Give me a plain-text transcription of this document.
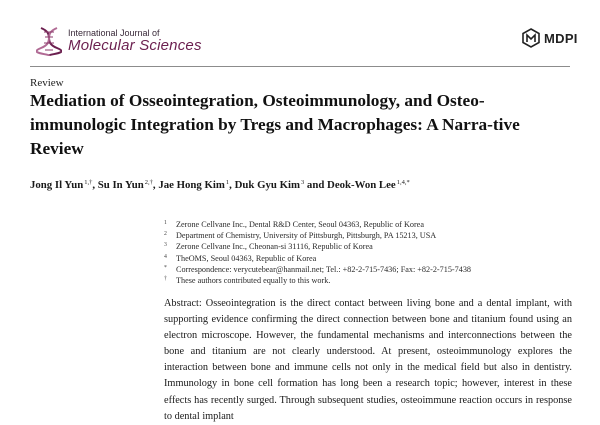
International Journal of
Molecular Sciences	MDPI
Review
Mediation of Osseointegration, Osteoimmunology, and Osteo-immunologic Integration by Tregs and Macrophages: A Narra-tive Review
Jong Il Yun$^{1,\dagger}$, Su In Yun$^{2,\dagger}$, Jae Hong Kim$^1$, Duk Gyu Kim$^3$ and Deok-Won Lee$^{1,4,*}$
1 Zerone Cellvane Inc., Dental R&D Center, Seoul 04363, Republic of Korea
2 Department of Chemistry, University of Pittsburgh, Pittsburgh, PA 15213, USA
3 Zerone Cellvane Inc., Cheonan-si 31116, Republic of Korea
4 TheOMS, Seoul 04363, Republic of Korea
* Correspondence: verycutebear@hanmail.net; Tel.: +82-2-715-7436; Fax: +82-2-715-7438
† These authors contributed equally to this work.

Abstract: Osseointegration is the direct contact between living bone and a dental implant, with supporting evidence confirming the direct connection between bone and titanium found using an electron microscope. However, the fundamental mechanisms and interconnections between the bone and titanium are not clearly understood. At present, osteoimmunology explores the interaction between bone and immune cells not only in the medical field but also in dentistry. Immunology in bone cell formation has long been a research topic; however, interest in these effects has recently surged. Through subsequent studies, osteoimmune reaction occurs in response to dental implant
